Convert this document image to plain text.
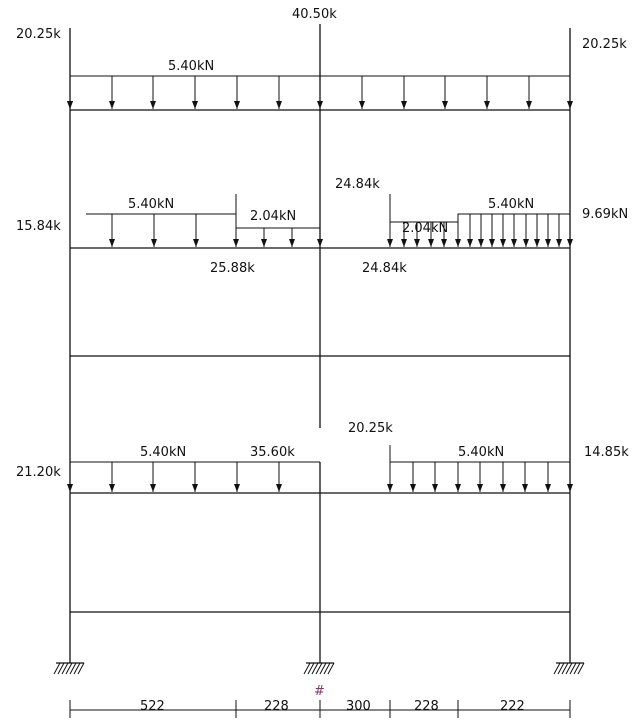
20.25k
40.50k
20.25k
24.84k
15.84k
9.69kN
25.88k	24.84k
20.25k
21.20k
35.60k	14.85k
5.40kN
5.40kN
2.04kN
2.04kN
5.40kN
5.40kN	5.40kN
522	228	300	228	222
#
